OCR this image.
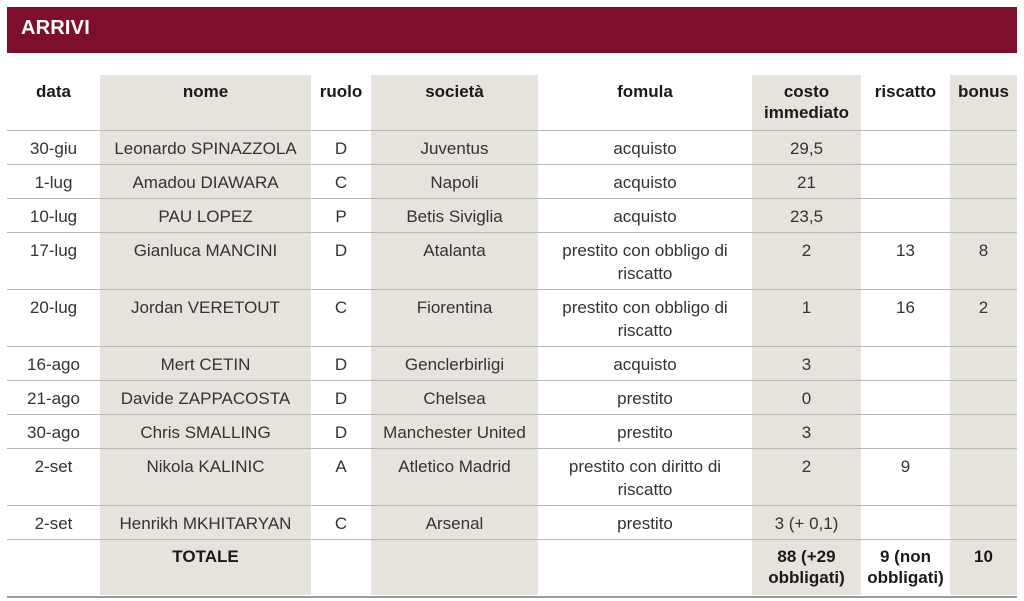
ARRIVI
data	nome	ruolo	società	fomula	costo immediato	riscatto	bonus
30-giu	Leonardo SPINAZZOLA	D	Juventus	acquisto	29,5		
1-lug	Amadou DIAWARA	C	Napoli	acquisto	21		
10-lug	PAU LOPEZ	P	Betis Siviglia	acquisto	23,5		
17-lug	Gianluca MANCINI	D	Atalanta	prestito con obbligo di riscatto	2	13	8
20-lug	Jordan VERETOUT	C	Fiorentina	prestito con obbligo di riscatto	1	16	2
16-ago	Mert CETIN	D	Genclerbirligi	acquisto	3		
21-ago	Davide ZAPPACOSTA	D	Chelsea	prestito	0		
30-ago	Chris SMALLING	D	Manchester United	prestito	3		
2-set	Nikola KALINIC	A	Atletico Madrid	prestito con diritto di riscatto	2	9	
2-set	Henrikh MKHITARYAN	C	Arsenal	prestito	3 (+ 0,1)		
	TOTALE				88 (+29 obbligati)	9 (non obbligati)	10
